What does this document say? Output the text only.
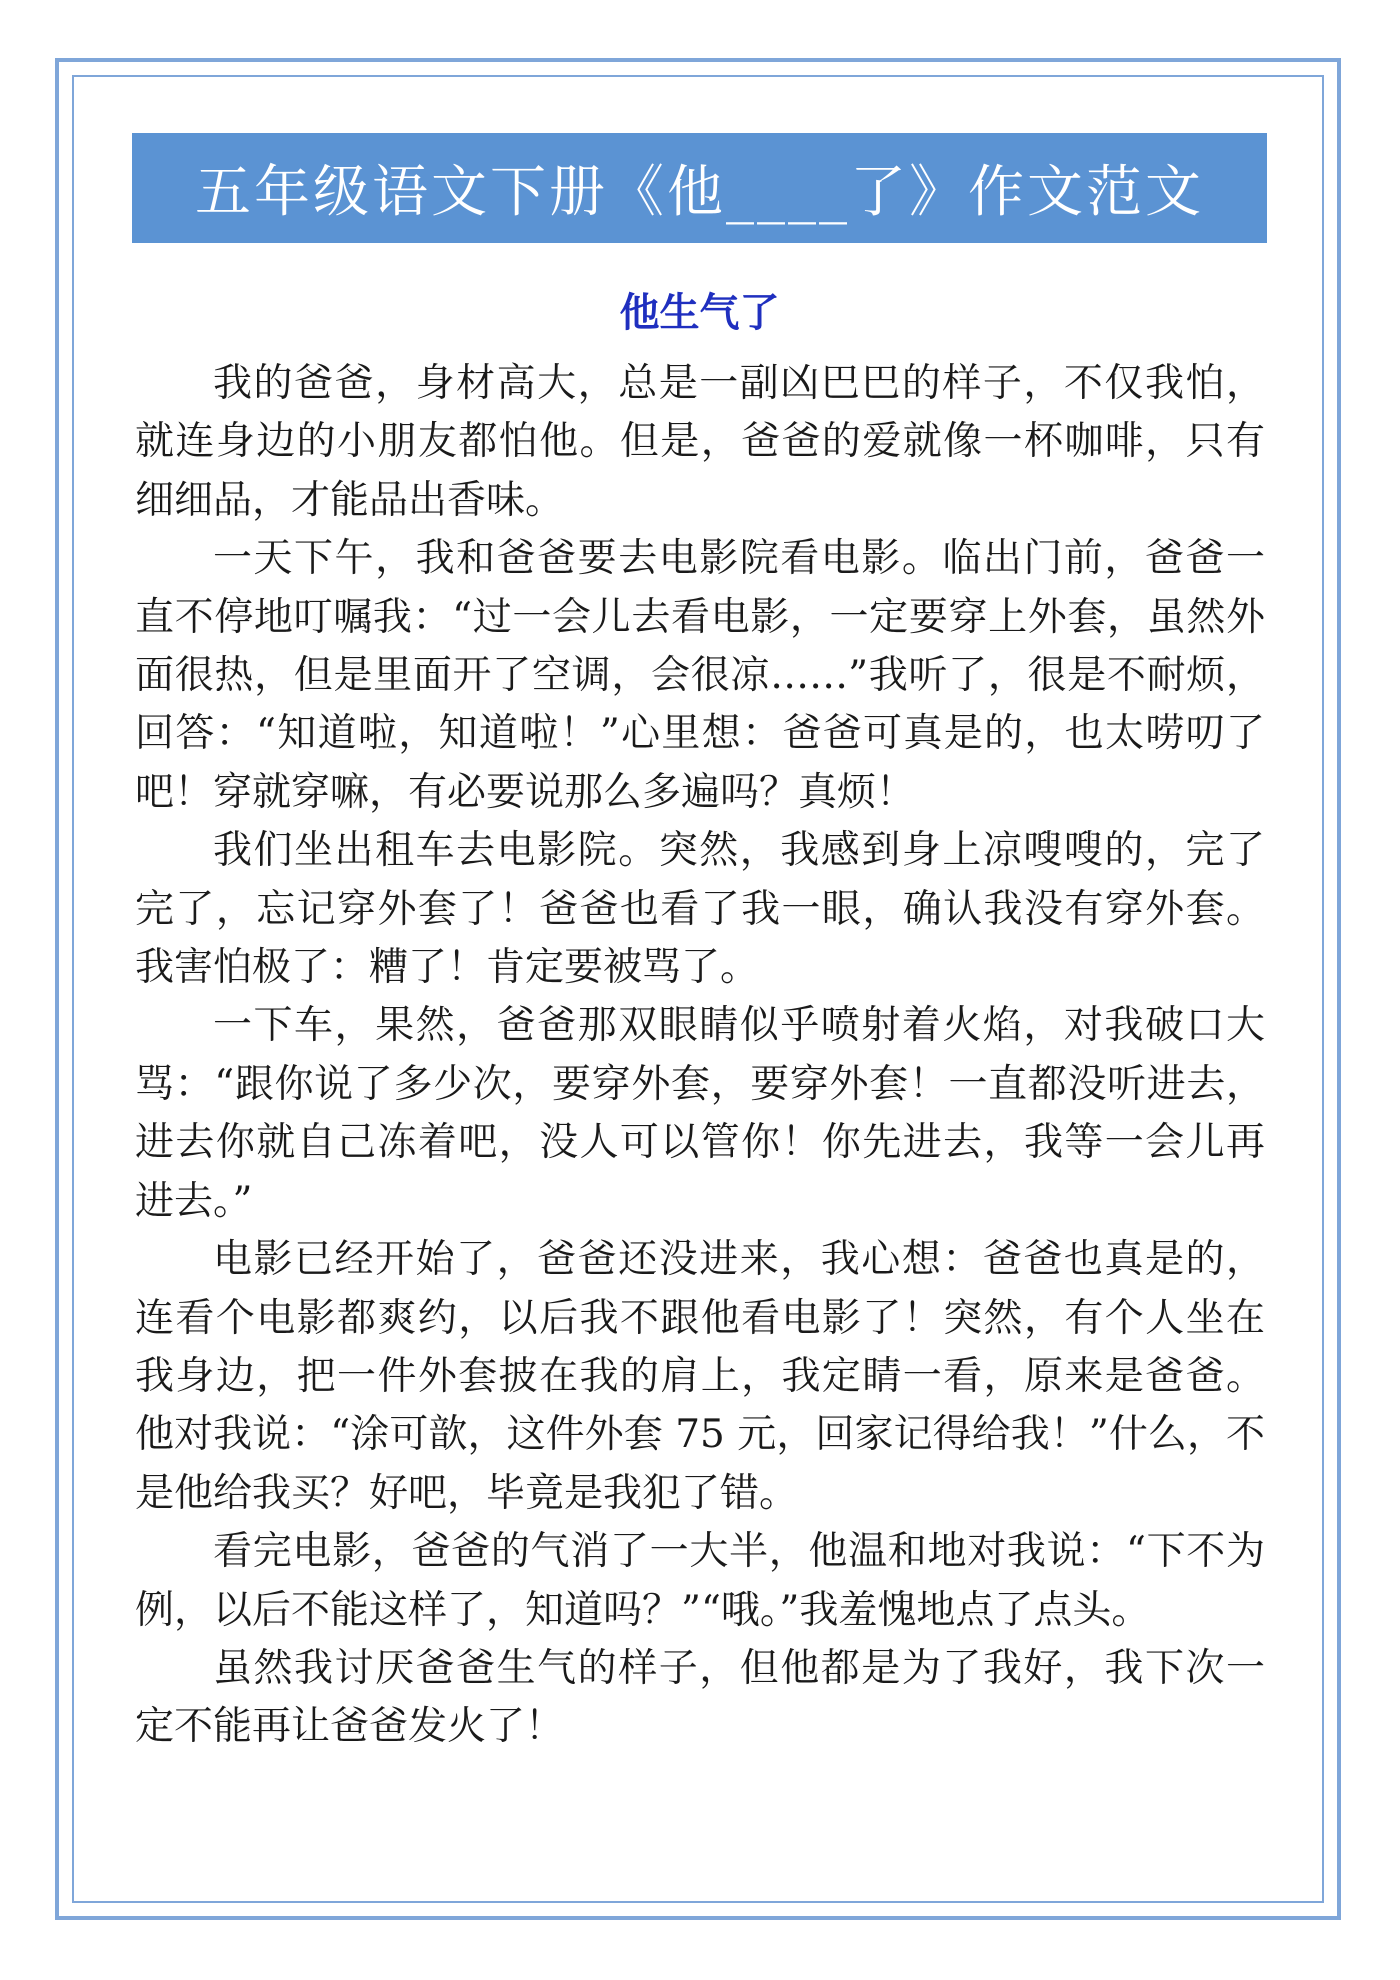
五年级语文下册《他____了》作文范文
他生气了

我的爸爸，身材高大，总是一副凶巴巴的样子，不仅我怕，就连身边的小朋友都怕他。但是，爸爸的爱就像一杯咖啡，只有细细品，才能品出香味。

一天下午，我和爸爸要去电影院看电影。临出门前，爸爸一直不停地叮嘱我：“过一会儿去看电影，一定要穿上外套，虽然外面很热，但是里面开了空调，会很凉……”我听了，很是不耐烦，回答：“知道啦，知道啦！”心里想：爸爸可真是的，也太唠叨了吧！穿就穿嘛，有必要说那么多遍吗？真烦！

我们坐出租车去电影院。突然，我感到身上凉嗖嗖的，完了完了，忘记穿外套了！爸爸也看了我一眼，确认我没有穿外套。我害怕极了：糟了！肯定要被骂了。

一下车，果然，爸爸那双眼睛似乎喷射着火焰，对我破口大骂：“跟你说了多少次，要穿外套，要穿外套！一直都没听进去，进去你就自己冻着吧，没人可以管你！你先进去，我等一会儿再进去。”

电影已经开始了，爸爸还没进来，我心想：爸爸也真是的，连看个电影都爽约，以后我不跟他看电影了！突然，有个人坐在我身边，把一件外套披在我的肩上，我定睛一看，原来是爸爸。他对我说：“涂可歆，这件外套 75 元，回家记得给我！”什么，不是他给我买？好吧，毕竟是我犯了错。

看完电影，爸爸的气消了一大半，他温和地对我说：“下不为例，以后不能这样了，知道吗？”“哦。”我羞愧地点了点头。

虽然我讨厌爸爸生气的样子，但他都是为了我好，我下次一定不能再让爸爸发火了！
